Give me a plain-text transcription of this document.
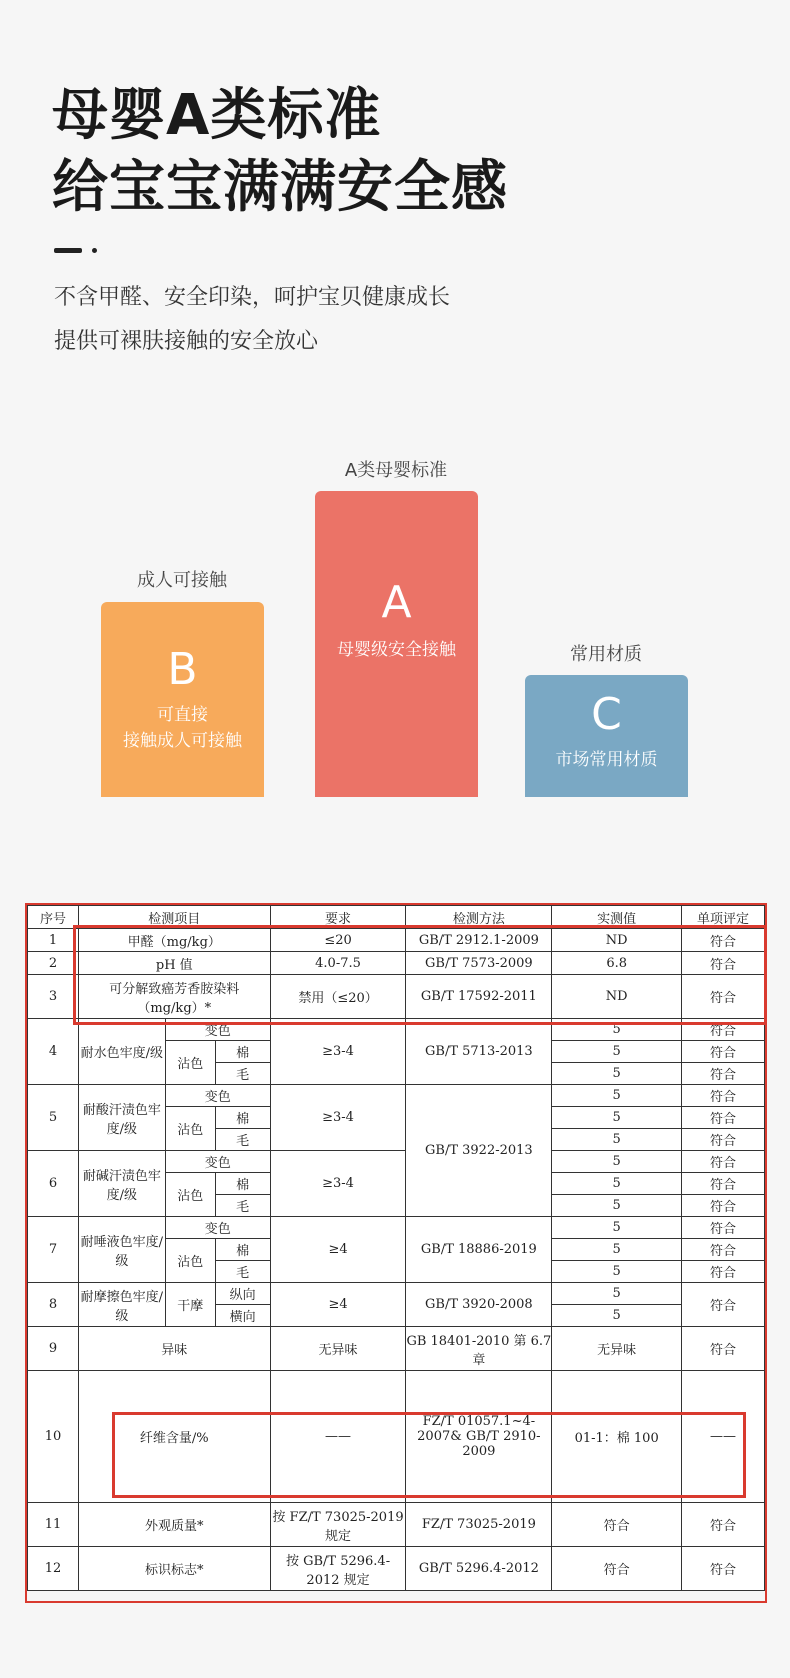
母婴A类标准
给宝宝满满安全感
不含甲醛、安全印染，呵护宝贝健康成长
提供可裸肤接触的安全放心
成人可接触
B
可直接
接触成人可接触
A类母婴标准
A
母婴级安全接触	常用材质
C
市场常用材质
序号	检测项目			要求	检测方法	实测值	单项评定
1	甲醛（mg/kg）			≤20	GB/T 2912.1-2009	ND	符合
2	pH 值			4.0-7.5	GB/T 7573-2009	6.8	符合
3	可分解致癌芳香胺染料（mg/kg）*			禁用（≤20）	GB/T 17592-2011	ND	符合
4	耐水色牢度/级	变色		≥3-4	GB/T 5713-2013	5	符合
		沾色	棉			5	符合
			毛			5	符合
5	耐酸汗渍色牢度/级	变色		≥3-4	GB/T 3922-2013	5	符合
		沾色	棉			5	符合
			毛			5	符合
6	耐碱汗渍色牢度/级	变色		≥3-4		5	符合
		沾色	棉			5	符合
			毛			5	符合
7	耐唾液色牢度/级	变色		≥4	GB/T 18886-2019	5	符合
		沾色	棉			5	符合
			毛			5	符合
8	耐摩擦色牢度/级	干摩	纵向	≥4	GB/T 3920-2008	5	符合
			横向			5	
9	异味			无异味	GB 18401-2010 第 6.7 章	无异味	符合
10	纤维含量/%			——	FZ/T 01057.1~4-2007& GB/T 2910-2009	01-1：棉 100	——
11	外观质量*			按 FZ/T 73025-2019 规定	FZ/T 73025-2019	符合	符合
12	标识标志*			按 GB/T 5296.4-2012 规定	GB/T 5296.4-2012	符合	符合
